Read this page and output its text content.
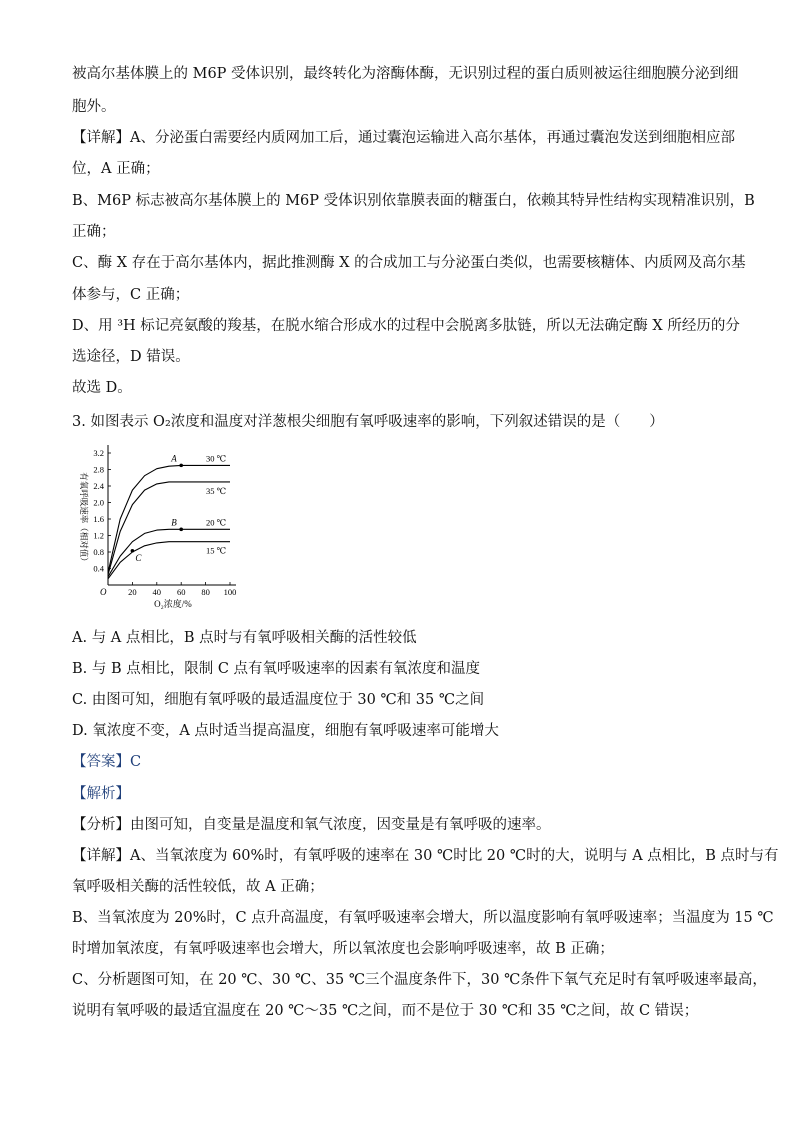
被高尔基体膜上的 M6P 受体识别，最终转化为溶酶体酶，无识别过程的蛋白质则被运往细胞膜分泌到细
胞外。
【详解】A、分泌蛋白需要经内质网加工后，通过囊泡运输进入高尔基体，再通过囊泡发送到细胞相应部
位，A 正确；
B、M6P 标志被高尔基体膜上的 M6P 受体识别依靠膜表面的糖蛋白，依赖其特异性结构实现精准识别，B
正确；
C、酶 X 存在于高尔基体内，据此推测酶 X 的合成加工与分泌蛋白类似，也需要核糖体、内质网及高尔基
体参与，C 正确；
D、用 ³H 标记亮氨酸的羧基，在脱水缩合形成水的过程中会脱离多肽链，所以无法确定酶 X 所经历的分
选途径，D 错误。
故选 D。
3. 如图表示 O₂浓度和温度对洋葱根尖细胞有氧呼吸速率的影响，下列叙述错误的是（　　）
O	20 40 60 80 100
0.4
0.8
1.2
1.6
2.0
2.4
2.8
3.2
O₂浓度/%
有氧呼吸速率（相对值）
30 ℃
35 ℃
20 ℃
15 ℃
A
B
C
A. 与 A 点相比，B 点时与有氧呼吸相关酶的活性较低
B. 与 B 点相比，限制 C 点有氧呼吸速率的因素有氧浓度和温度
C. 由图可知，细胞有氧呼吸的最适温度位于 30 ℃和 35 ℃之间
D. 氧浓度不变，A 点时适当提高温度，细胞有氧呼吸速率可能增大
【答案】C
【解析】
【分析】由图可知，自变量是温度和氧气浓度，因变量是有氧呼吸的速率。
【详解】A、当氧浓度为 60%时，有氧呼吸的速率在 30 ℃时比 20 ℃时的大，说明与 A 点相比，B 点时与有
氧呼吸相关酶的活性较低，故 A 正确；
B、当氧浓度为 20%时，C 点升高温度，有氧呼吸速率会增大，所以温度影响有氧呼吸速率；当温度为 15 ℃
时增加氧浓度，有氧呼吸速率也会增大，所以氧浓度也会影响呼吸速率，故 B 正确；
C、分析题图可知，在 20 ℃、30 ℃、35 ℃三个温度条件下，30 ℃条件下氧气充足时有氧呼吸速率最高，
说明有氧呼吸的最适宜温度在 20 ℃～35 ℃之间，而不是位于 30 ℃和 35 ℃之间，故 C 错误；
